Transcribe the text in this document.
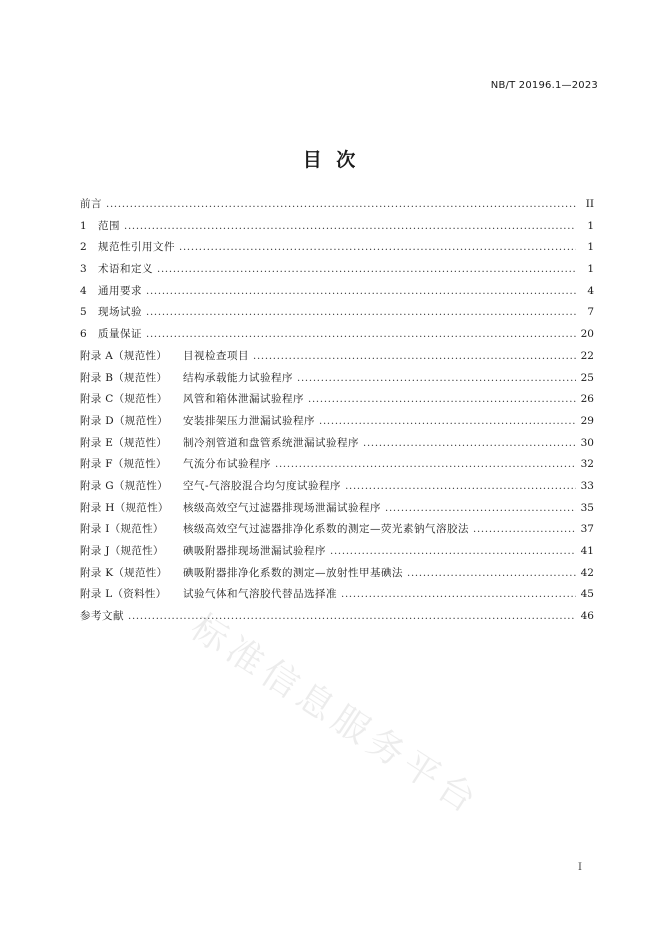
NB/T 20196.1—2023
目 次
前言 . . .	II
1	范围 . . .	1
2	规范性引用文件 . . .	1
3	术语和定义 . . .	1
4	通用要求 . . .	4
5	现场试验 . . .	7
6	质量保证 . . .	20
附录 A（规范性）	目视检查项目 . . .	22
附录 B（规范性）	结构承载能力试验程序 . . .	25
附录 C（规范性）	风管和箱体泄漏试验程序 . . .	26
附录 D（规范性）	安装排架压力泄漏试验程序 . . .	29
附录 E（规范性）	制冷剂管道和盘管系统泄漏试验程序 . . .	30
附录 F（规范性）	气流分布试验程序 . . .	32
附录 G（规范性）	空气-气溶胶混合均匀度试验程序 . . .	33
附录 H（规范性）	核级高效空气过滤器排现场泄漏试验程序 . . .	35
附录 I（规范性）	核级高效空气过滤器排净化系数的测定—荧光素钠气溶胶法 . . .	37
附录 J（规范性）	碘吸附器排现场泄漏试验程序 . . .	41
附录 K（规范性）	碘吸附器排净化系数的测定—放射性甲基碘法 . . .	42
附录 L（资料性）	试验气体和气溶胶代替品选择准 . . .	45
参考文献 . . .	46
标准信息服务平台
I
